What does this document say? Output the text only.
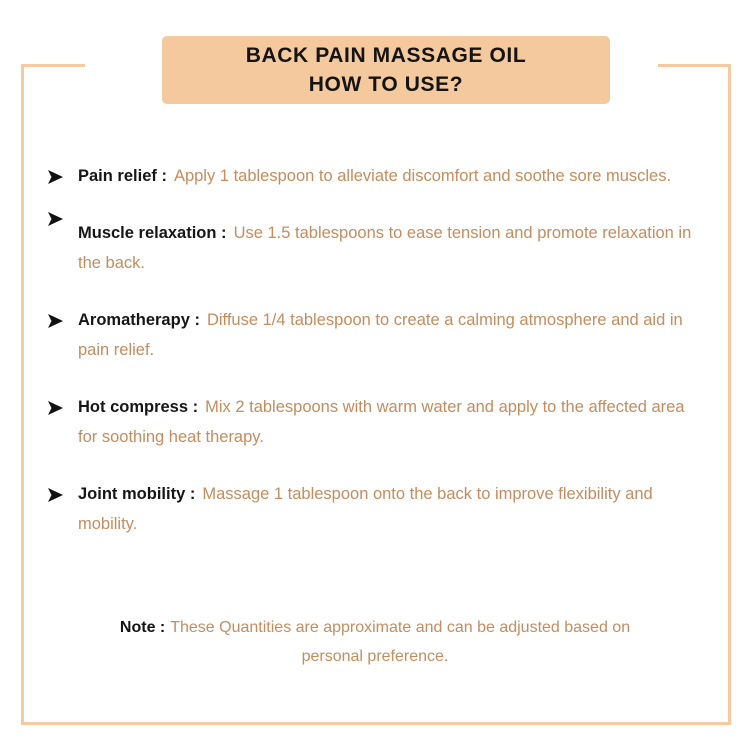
BACK PAIN MASSAGE OIL
HOW TO USE?
Pain relief : Apply 1 tablespoon to alleviate discomfort and soothe sore muscles.
Muscle relaxation : Use 1.5 tablespoons to ease tension and promote relaxation in the back.
Aromatherapy : Diffuse 1/4 tablespoon to create a calming atmosphere and aid in pain relief.
Hot compress : Mix 2 tablespoons with warm water and apply to the affected area for soothing heat therapy.
Joint mobility : Massage 1 tablespoon onto the back to improve flexibility and mobility.
Note : These Quantities are approximate and can be adjusted based on personal preference.
